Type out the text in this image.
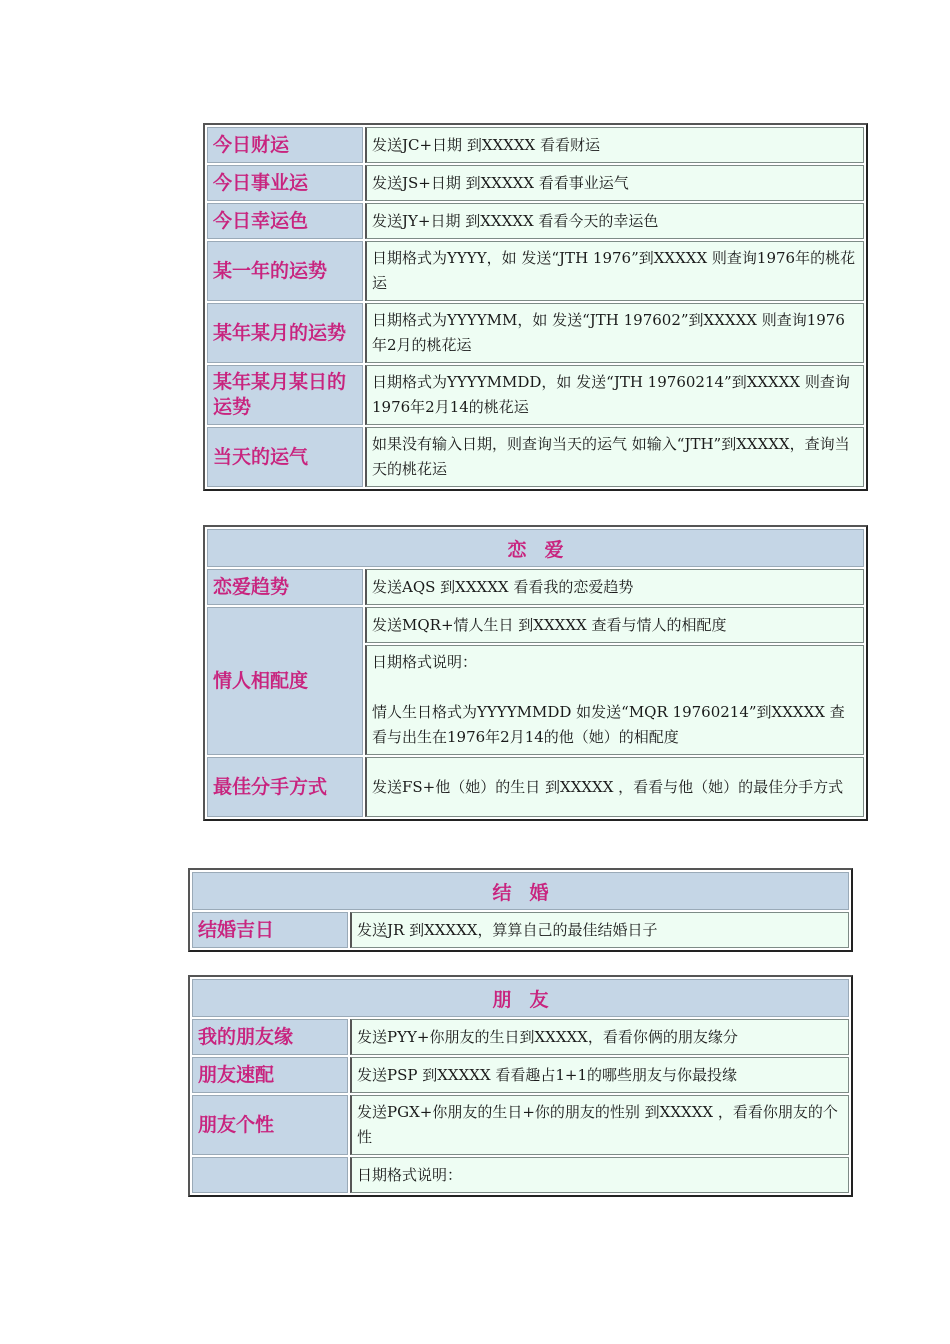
今日财运	发送JC+日期 到XXXXX 看看财运
今日事业运	发送JS+日期 到XXXXX 看看事业运气
今日幸运色	发送JY+日期 到XXXXX 看看今天的幸运色
某一年的运势	日期格式为YYYY，如 发送“JTH 1976”到XXXXX 则查询1976年的桃花运
某年某月的运势	日期格式为YYYYMM，如 发送“JTH 197602”到XXXXX 则查询1976年2月的桃花运
某年某月某日的运势	日期格式为YYYYMMDD，如 发送“JTH 19760214”到XXXXX 则查询1976年2月14的桃花运
当天的运气	如果没有输入日期，则查询当天的运气 如输入“JTH”到XXXXX，查询当天的桃花运
恋爱	
恋爱趋势	发送AQS 到XXXXX 看看我的恋爱趋势
情人相配度	发送MQR+情人生日 到XXXXX 查看与情人的相配度
	日期格式说明：
情人生日格式为YYYYMMDD 如发送“MQR 19760214”到XXXXX 查看与出生在1976年2月14的他（她）的相配度
最佳分手方式	发送FS+他（她）的生日 到XXXXX ，看看与他（她）的最佳分手方式
结婚
结婚吉日	发送JR 到XXXXX，算算自己的最佳结婚日子
朋友	
我的朋友缘	发送PYY+你朋友的生日到XXXXX，看看你俩的朋友缘分
朋友速配	发送PSP 到XXXXX 看看趣占1+1的哪些朋友与你最投缘
朋友个性	发送PGX+你朋友的生日+你的朋友的性别 到XXXXX ，看看你朋友的个性
	日期格式说明：
